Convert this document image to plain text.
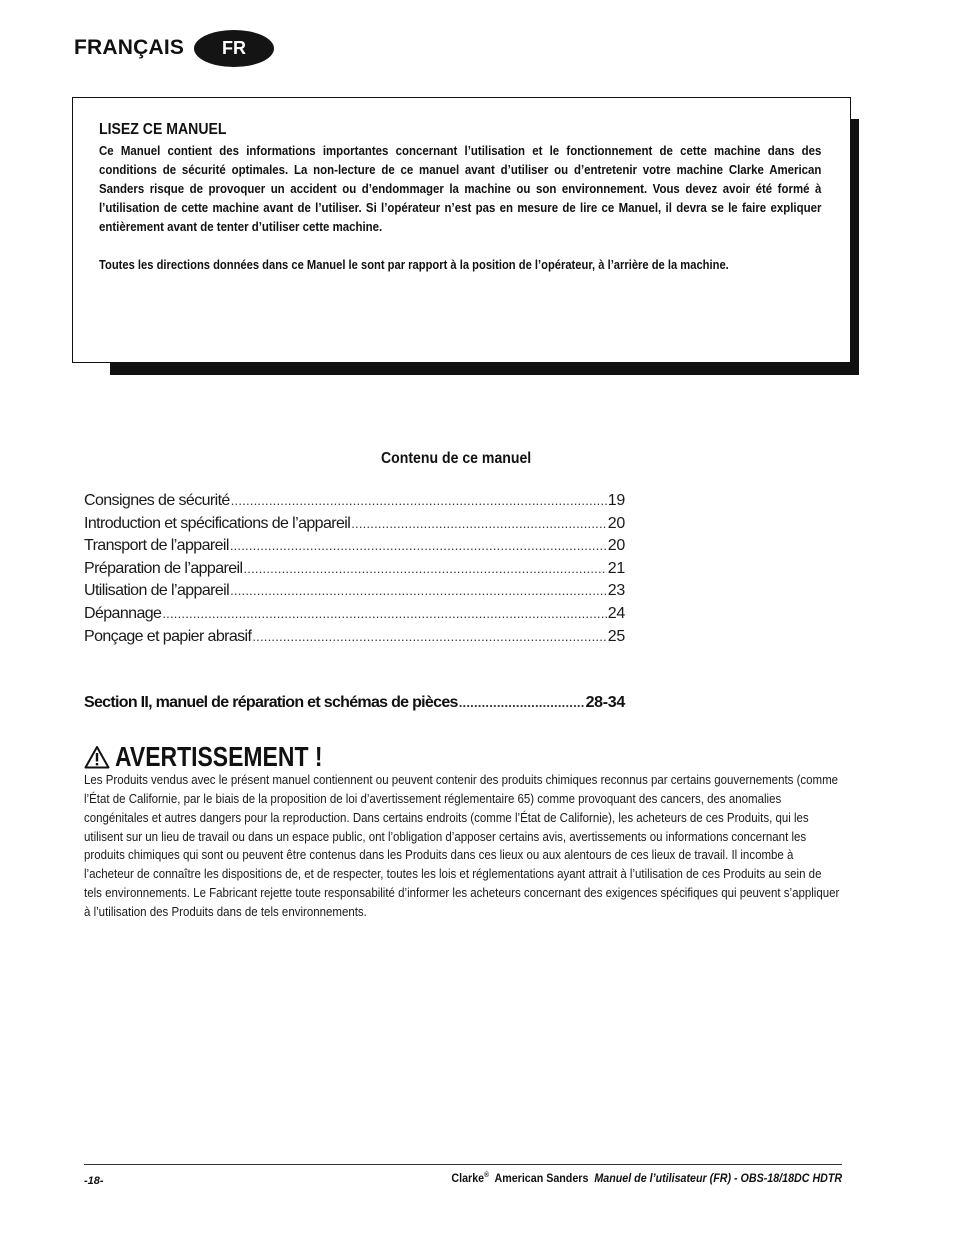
FRANÇAIS	FR
LISEZ CE MANUEL
Ce Manuel contient des informations importantes concernant l’utilisation et le fonctionnement de cette machine dans des conditions de sécurité optimales. La non-lecture de ce manuel avant d’utiliser ou d’entretenir votre machine Clarke American Sanders risque de provoquer un accident ou d’endommager la machine ou son environnement. Vous devez avoir été formé à l’utilisation de cette machine avant de l’utiliser. Si l’opérateur n’est pas en mesure de lire ce Manuel, il devra se le faire expliquer entièrement avant de tenter d’utiliser cette machine.
Toutes les directions données dans ce Manuel le sont par rapport à la position de l’opérateur, à l’arrière de la machine.
Contenu de ce manuel
Consignes de sécurité .....	19
Introduction et spécifications de l’appareil .....	20
Transport de l’appareil .....	20
Préparation de l’appareil .....	21
Utilisation de l’appareil .....	23
Dépannage .....	24
Ponçage et papier abrasif .....	25
Section II, manuel de réparation et schémas de pièces .....	28-34
AVERTISSEMENT !
Les Produits vendus avec le présent manuel contiennent ou peuvent contenir des produits chimiques reconnus par certains gouvernements (comme l’État de Californie, par le biais de la proposition de loi d’avertissement réglementaire 65) comme provoquant des cancers, des anomalies congénitales et autres dangers pour la reproduction. Dans certains endroits (comme l’État de Californie), les acheteurs de ces Produits, qui les utilisent sur un lieu de travail ou dans un espace public, ont l’obligation d’apposer certains avis, avertissements ou informations concernant les produits chimiques qui sont ou peuvent être contenus dans les Produits dans ces lieux ou aux alentours de ces lieux de travail. Il incombe à l’acheteur de connaître les dispositions de, et de respecter, toutes les lois et réglementations ayant attrait à l’utilisation de ces Produits au sein de tels environnements. Le Fabricant rejette toute responsabilité d’informer les acheteurs concernant des exigences spécifiques qui peuvent s’appliquer à l’utilisation des Produits dans de tels environnements.
-18-	Clarke® American Sanders Manuel de l’utilisateur (FR) - OBS-18/18DC HDTR
